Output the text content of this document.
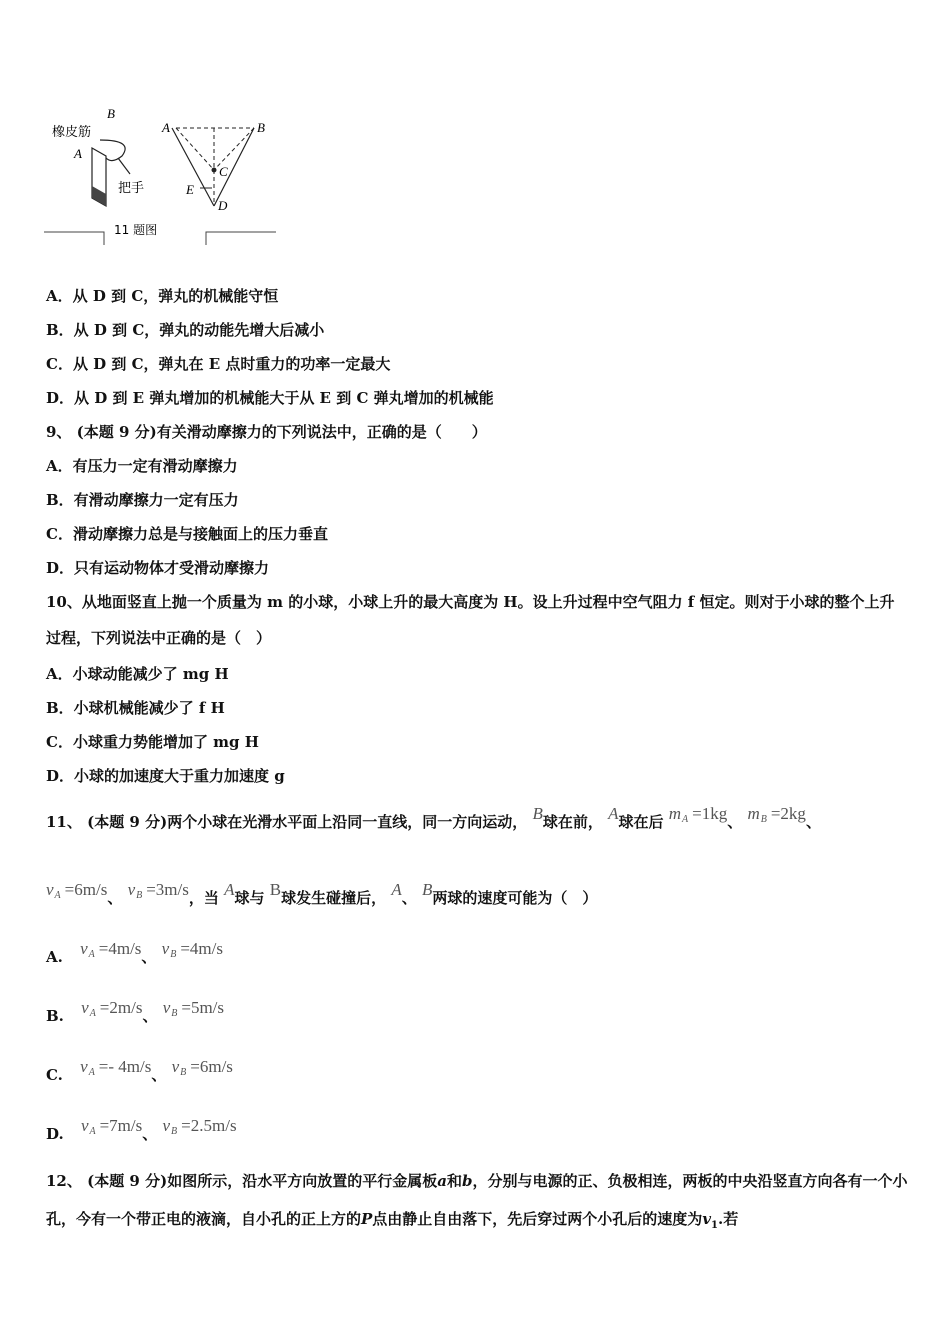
橡皮筋
B
A
把手
A	B
C
E
D
11 题图
A．从 D 到 C，弹丸的机械能守恒
B．从 D 到 C，弹丸的动能先增大后减小
C．从 D 到 C，弹丸在 E 点时重力的功率一定最大
D．从 D 到 E 弹丸增加的机械能大于从 E 到 C 弹丸增加的机械能
9、 (本题 9 分)有关滑动摩擦力的下列说法中，正确的是（　　）
A．有压力一定有滑动摩擦力
B．有滑动摩擦力一定有压力
C．滑动摩擦力总是与接触面上的压力垂直
D．只有运动物体才受滑动摩擦力
10、从地面竖直上抛一个质量为 m 的小球，小球上升的最大高度为 H。设上升过程中空气阻力 f 恒定。则对于小球的整个上升过程，下列说法中正确的是（　）
A．小球动能减少了 mg H
B．小球机械能减少了 f H
C．小球重力势能增加了 mg H
D．小球的加速度大于重力加速度 g
11、 (本题 9 分)两个小球在光滑水平面上沿同一直线，同一方向运动， B球在前， A球在后 $m_A =1kg$、 $m_B =2kg$、
$v_A =6m/s$、 $v_B =3m/s$，当 A球与 B球发生碰撞后， A、 B两球的速度可能为（　）
A. $v_A =4m/s$、 $v_B =4m/s$
B. $v_A =2m/s$、 $v_B =5m/s$
C. $v_A =- 4m/s$、 $v_B =6m/s$
D. $v_A =7m/s$、 $v_B =2.5m/s$
12、 (本题 9 分)如图所示，沿水平方向放置的平行金属板a和b，分别与电源的正、负极相连，两板的中央沿竖直方向各有一个小孔，今有一个带正电的液滴，自小孔的正上方的P点由静止自由落下，先后穿过两个小孔后的速度为$v_1$.若
